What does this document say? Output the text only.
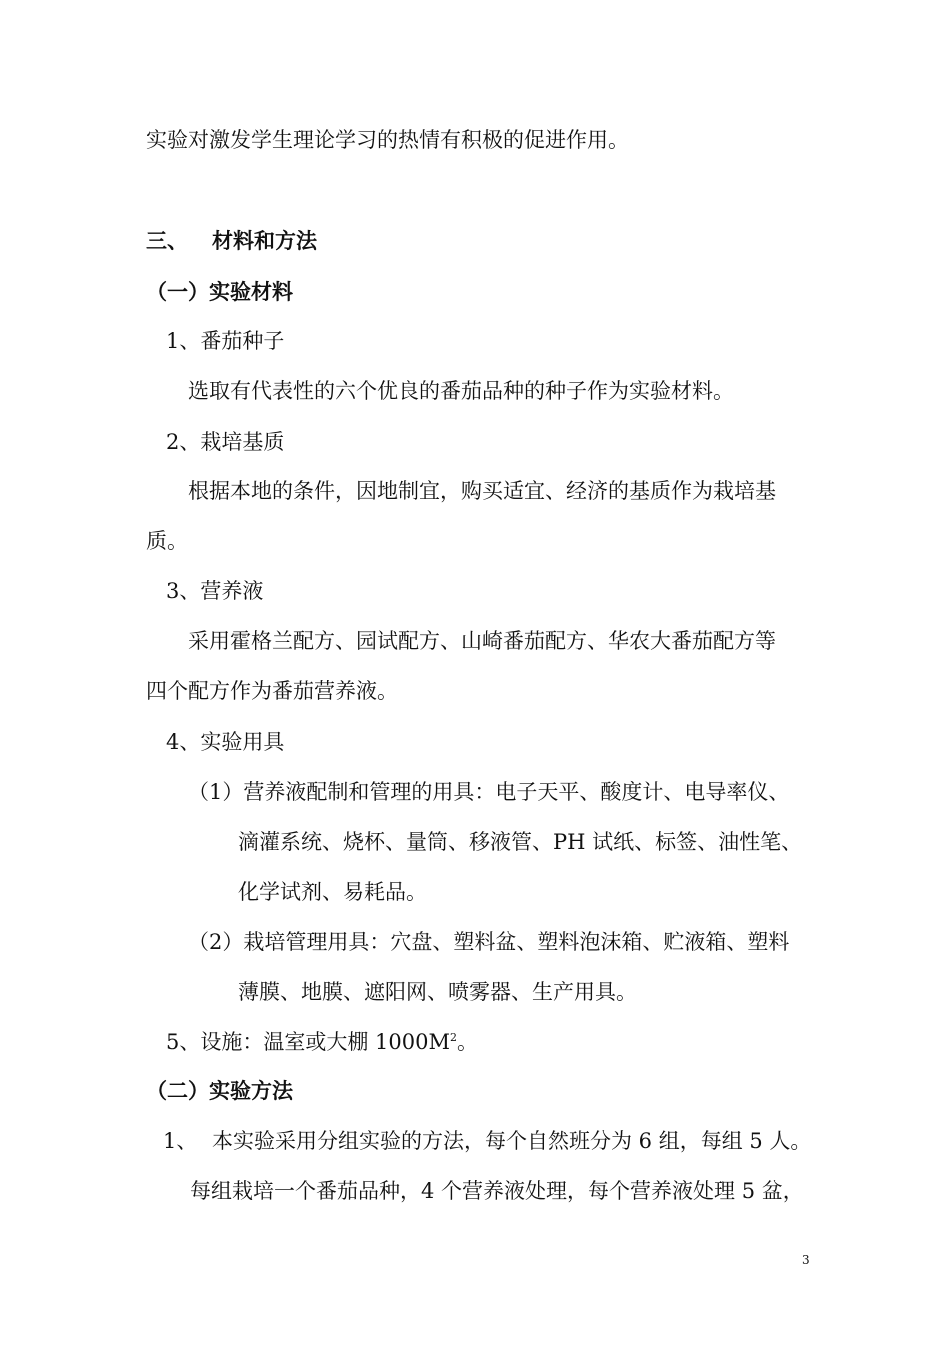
实验对激发学生理论学习的热情有积极的促进作用。
三、 材料和方法
（一）实验材料
1、番茄种子
选取有代表性的六个优良的番茄品种的种子作为实验材料。
2、栽培基质
根据本地的条件，因地制宜，购买适宜、经济的基质作为栽培基
质。
3、营养液
采用霍格兰配方、园试配方、山崎番茄配方、华农大番茄配方等
四个配方作为番茄营养液。
4、实验用具
（1）营养液配制和管理的用具：电子天平、酸度计、电导率仪、
滴灌系统、烧杯、量筒、移液管、PH 试纸、标签、油性笔、
化学试剂、易耗品。
（2）栽培管理用具：穴盘、塑料盆、塑料泡沫箱、贮液箱、塑料
薄膜、地膜、遮阳网、喷雾器、生产用具。
5、设施：温室或大棚 $1000M^2$。
（二）实验方法
1、 本实验采用分组实验的方法，每个自然班分为 6 组，每组 5 人。
每组栽培一个番茄品种，4 个营养液处理，每个营养液处理 5 盆，
3
